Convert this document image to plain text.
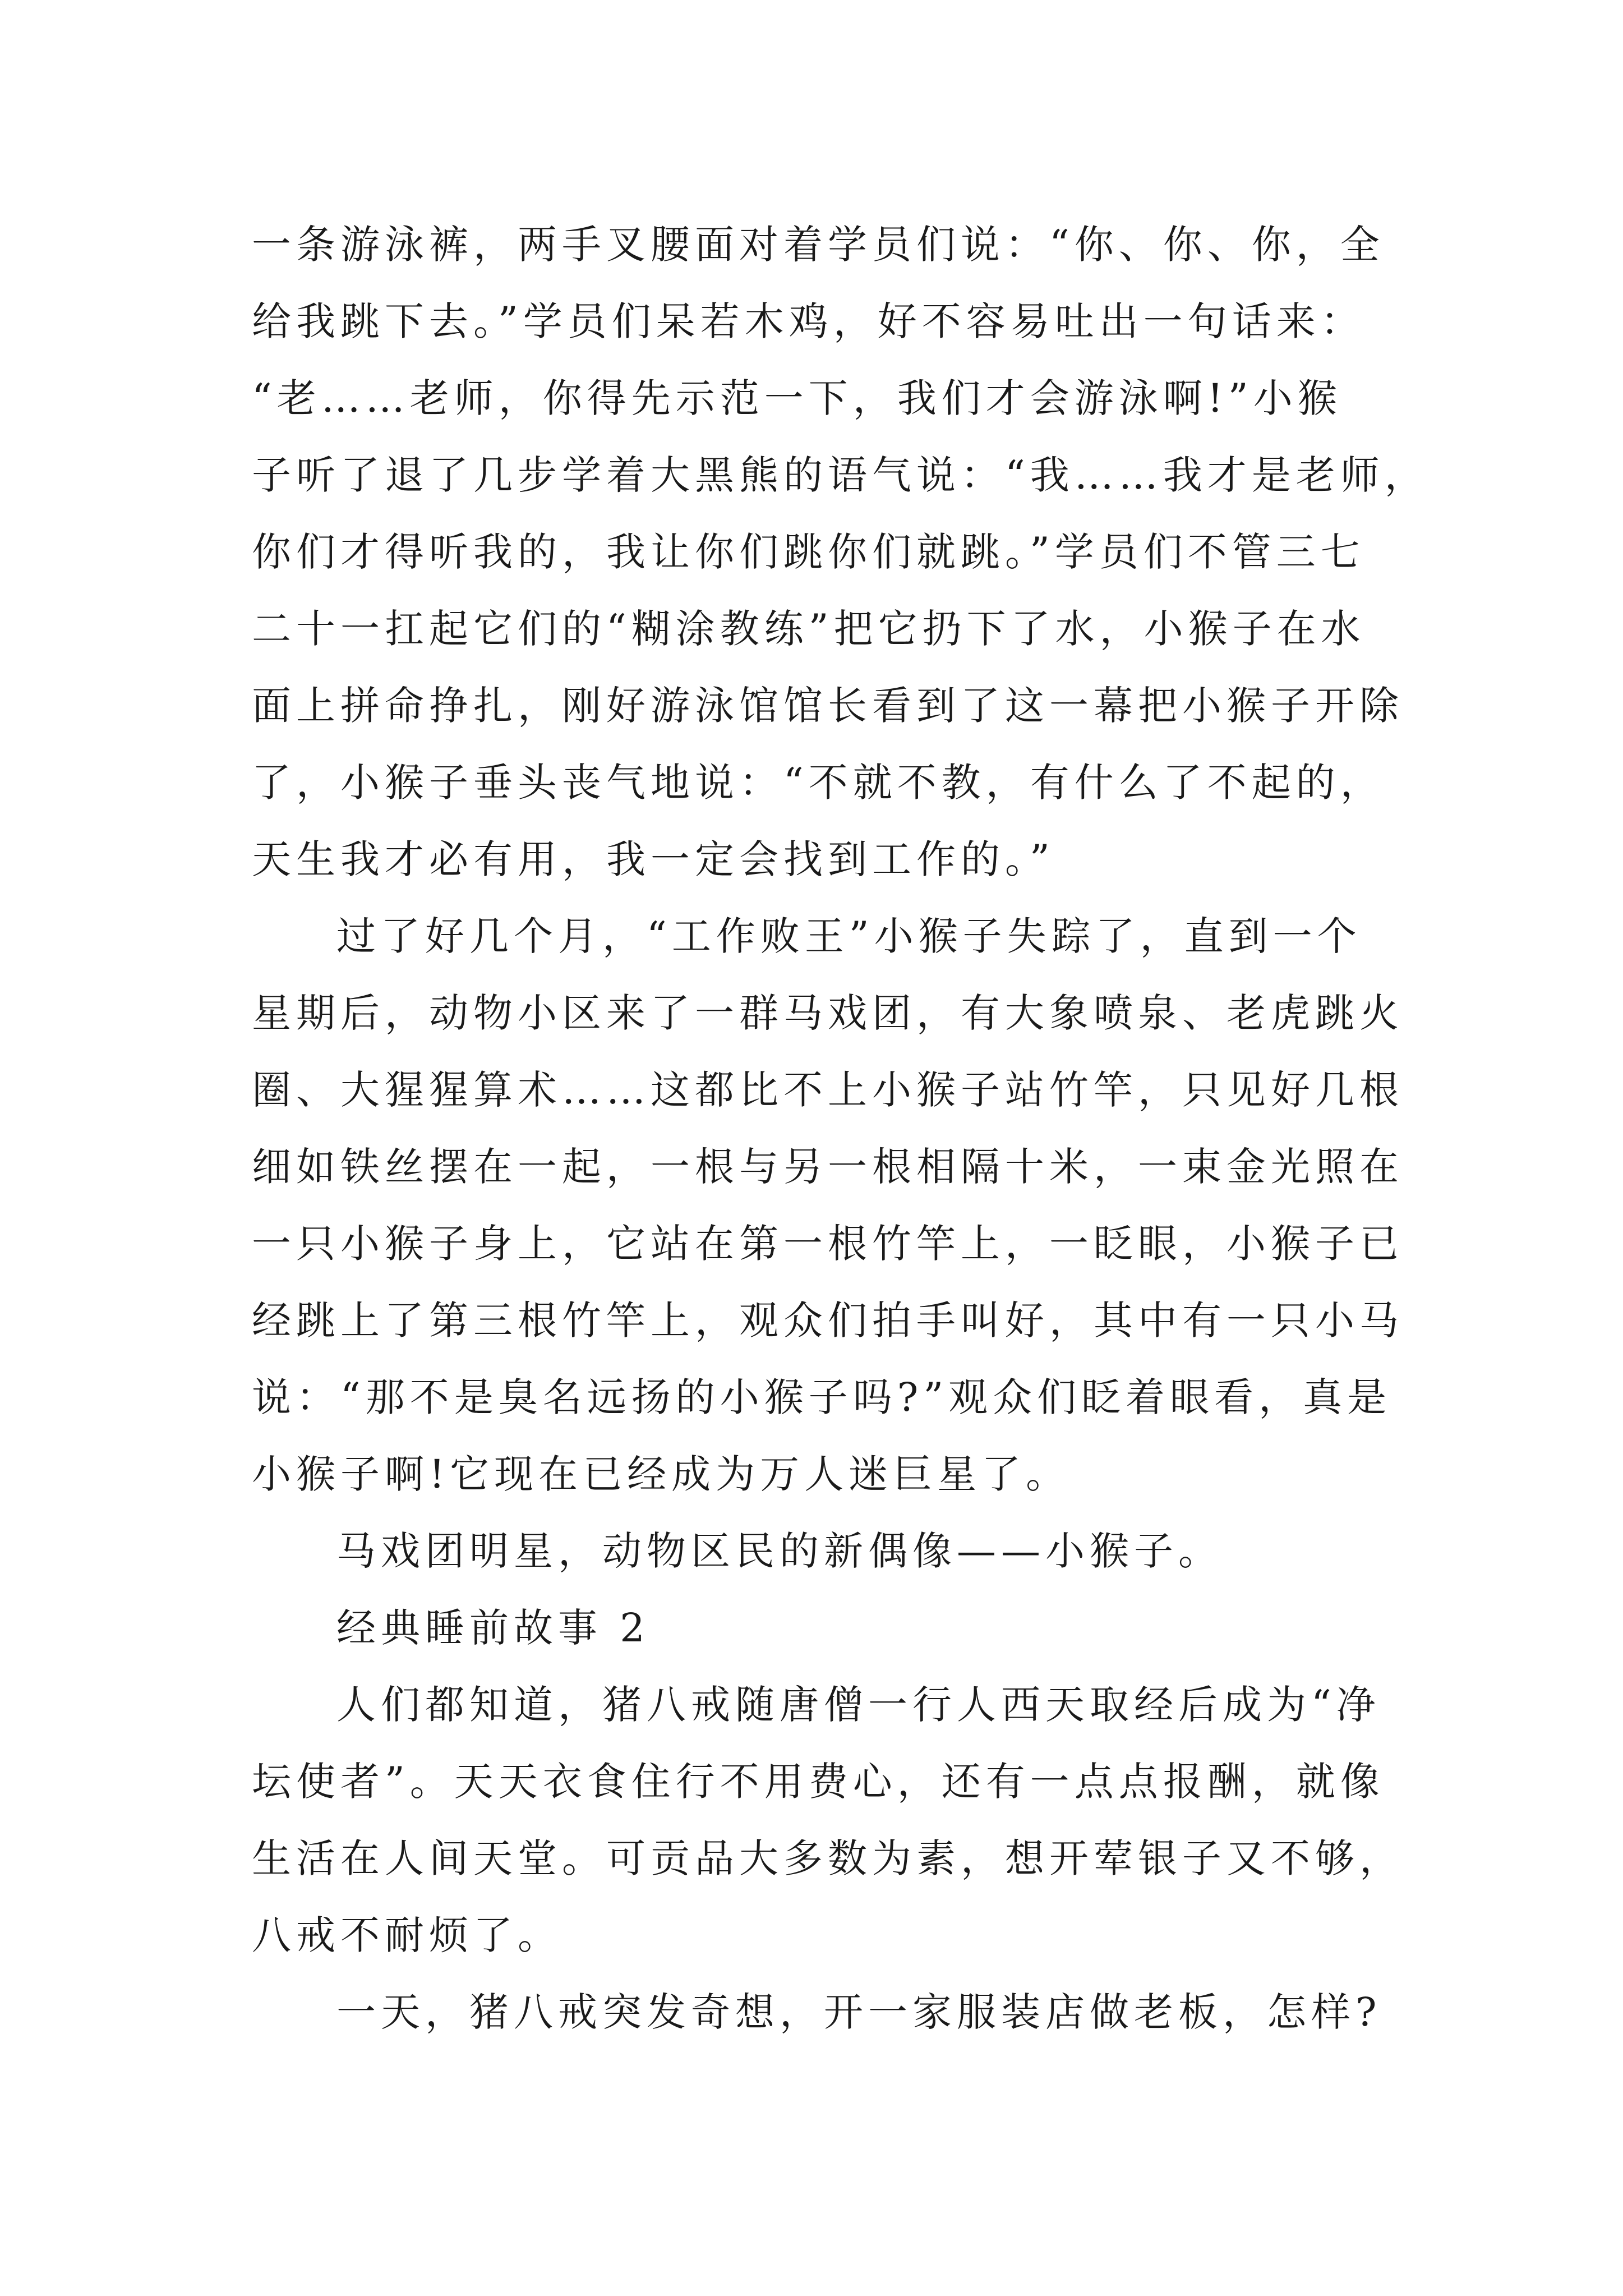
一条游泳裤，两手叉腰面对着学员们说：“你、你、你，全
给我跳下去。”学员们呆若木鸡，好不容易吐出一句话来：
“老……老师，你得先示范一下，我们才会游泳啊!”小猴
子听了退了几步学着大黑熊的语气说：“我……我才是老师，
你们才得听我的，我让你们跳你们就跳。”学员们不管三七
二十一扛起它们的“糊涂教练”把它扔下了水，小猴子在水
面上拼命挣扎，刚好游泳馆馆长看到了这一幕把小猴子开除
了，小猴子垂头丧气地说：“不就不教，有什么了不起的，
天生我才必有用，我一定会找到工作的。”
过了好几个月，“工作败王”小猴子失踪了，直到一个
星期后，动物小区来了一群马戏团，有大象喷泉、老虎跳火
圈、大猩猩算术……这都比不上小猴子站竹竿，只见好几根
细如铁丝摆在一起，一根与另一根相隔十米，一束金光照在
一只小猴子身上，它站在第一根竹竿上，一眨眼，小猴子已
经跳上了第三根竹竿上，观众们拍手叫好，其中有一只小马
说：“那不是臭名远扬的小猴子吗?”观众们眨着眼看，真是
小猴子啊!它现在已经成为万人迷巨星了。
马戏团明星，动物区民的新偶像——小猴子。
经典睡前故事 2
人们都知道，猪八戒随唐僧一行人西天取经后成为“净
坛使者”。天天衣食住行不用费心，还有一点点报酬，就像
生活在人间天堂。可贡品大多数为素，想开荤银子又不够，
八戒不耐烦了。
一天，猪八戒突发奇想，开一家服装店做老板，怎样?
